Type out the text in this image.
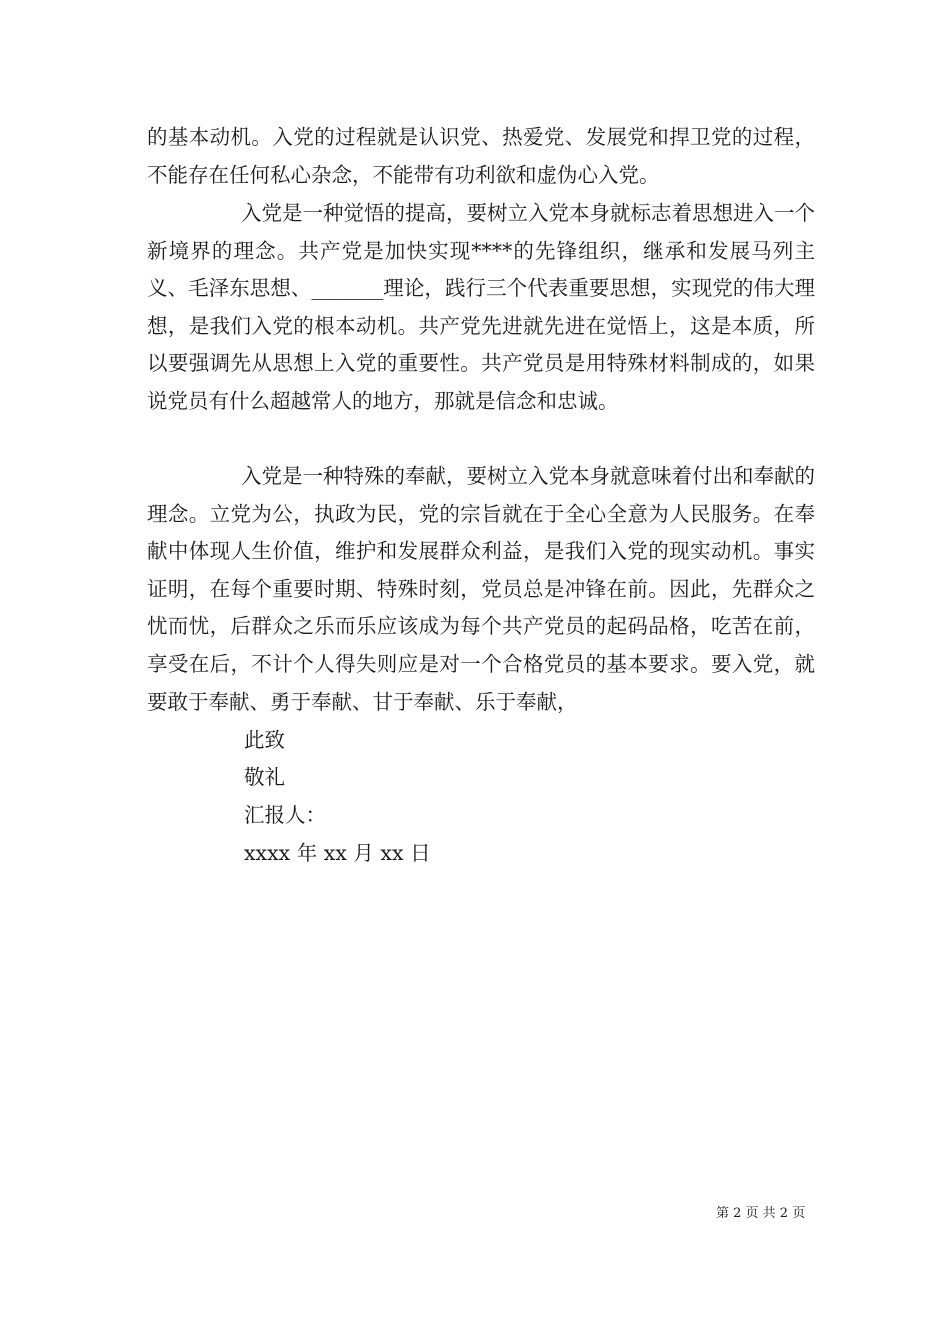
的基本动机。入党的过程就是认识党、热爱党、发展党和捍卫党的过程，不能存在任何私心杂念，不能带有功利欲和虚伪心入党。
入党是一种觉悟的提高，要树立入党本身就标志着思想进入一个新境界的理念。共产党是加快实现****的先锋组织，继承和发展马列主义、毛泽东思想、_______理论，践行三个代表重要思想，实现党的伟大理想，是我们入党的根本动机。共产党先进就先进在觉悟上，这是本质，所以要强调先从思想上入党的重要性。共产党员是用特殊材料制成的，如果说党员有什么超越常人的地方，那就是信念和忠诚。
入党是一种特殊的奉献，要树立入党本身就意味着付出和奉献的理念。立党为公，执政为民，党的宗旨就在于全心全意为人民服务。在奉献中体现人生价值，维护和发展群众利益，是我们入党的现实动机。事实证明，在每个重要时期、特殊时刻，党员总是冲锋在前。因此，先群众之忧而忧，后群众之乐而乐应该成为每个共产党员的起码品格，吃苦在前，享受在后，不计个人得失则应是对一个合格党员的基本要求。要入党，就要敢于奉献、勇于奉献、甘于奉献、乐于奉献，
此致
敬礼
汇报人：
xxxx 年 xx 月 xx 日
第 2 页 共 2 页
